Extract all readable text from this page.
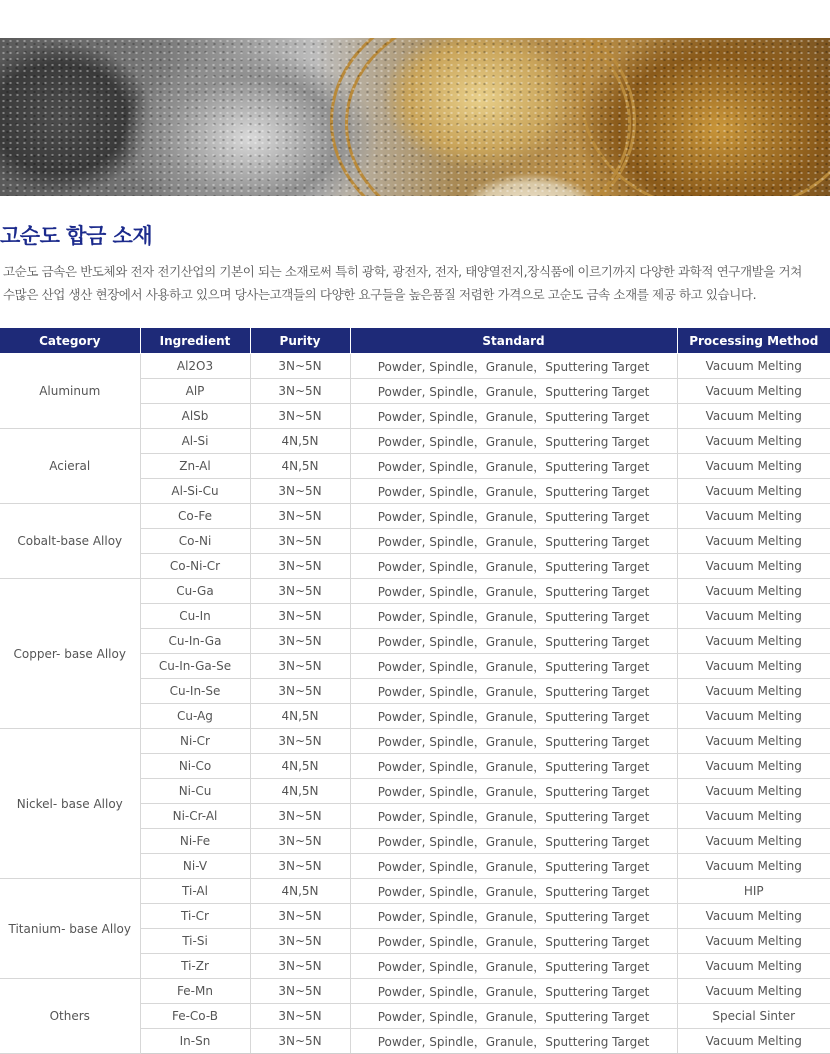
고순도 합금 소재

고순도 금속은 반도체와 전자 전기산업의 기본이 되는 소재로써 특히 광학, 광전자, 전자, 태양열전지,장식품에 이르기까지 다양한 과학적 연구개발을 거쳐
수많은 산업 생산 현장에서 사용하고 있으며 당사는고객들의 다양한 요구들을 높은품질 저렴한 가격으로 고순도 금속 소재를 제공 하고 있습니다.

Category	Ingredient	Purity	Standard	Processing Method
Aluminum	Al2O3	3N~5N	Powder, Spindle，Granule，Sputtering Target	Vacuum Melting
	AlP	3N~5N	Powder, Spindle，Granule，Sputtering Target	Vacuum Melting
	AlSb	3N~5N	Powder, Spindle，Granule，Sputtering Target	Vacuum Melting
Acieral	Al-Si	4N,5N	Powder, Spindle，Granule，Sputtering Target	Vacuum Melting
	Zn-Al	4N,5N	Powder, Spindle，Granule，Sputtering Target	Vacuum Melting
	Al-Si-Cu	3N~5N	Powder, Spindle，Granule，Sputtering Target	Vacuum Melting
Cobalt-base Alloy	Co-Fe	3N~5N	Powder, Spindle，Granule，Sputtering Target	Vacuum Melting
	Co-Ni	3N~5N	Powder, Spindle，Granule，Sputtering Target	Vacuum Melting
	Co-Ni-Cr	3N~5N	Powder, Spindle，Granule，Sputtering Target	Vacuum Melting
Copper- base Alloy	Cu-Ga	3N~5N	Powder, Spindle，Granule，Sputtering Target	Vacuum Melting
	Cu-In	3N~5N	Powder, Spindle，Granule，Sputtering Target	Vacuum Melting
	Cu-In-Ga	3N~5N	Powder, Spindle，Granule，Sputtering Target	Vacuum Melting
	Cu-In-Ga-Se	3N~5N	Powder, Spindle，Granule，Sputtering Target	Vacuum Melting
	Cu-In-Se	3N~5N	Powder, Spindle，Granule，Sputtering Target	Vacuum Melting
	Cu-Ag	4N,5N	Powder, Spindle，Granule，Sputtering Target	Vacuum Melting
Nickel- base Alloy	Ni-Cr	3N~5N	Powder, Spindle，Granule，Sputtering Target	Vacuum Melting
	Ni-Co	4N,5N	Powder, Spindle，Granule，Sputtering Target	Vacuum Melting
	Ni-Cu	4N,5N	Powder, Spindle，Granule，Sputtering Target	Vacuum Melting
	Ni-Cr-Al	3N~5N	Powder, Spindle，Granule，Sputtering Target	Vacuum Melting
	Ni-Fe	3N~5N	Powder, Spindle，Granule，Sputtering Target	Vacuum Melting
	Ni-V	3N~5N	Powder, Spindle，Granule，Sputtering Target	Vacuum Melting
Titanium- base Alloy	Ti-Al	4N,5N	Powder, Spindle，Granule，Sputtering Target	HIP
	Ti-Cr	3N~5N	Powder, Spindle，Granule，Sputtering Target	Vacuum Melting
	Ti-Si	3N~5N	Powder, Spindle，Granule，Sputtering Target	Vacuum Melting
	Ti-Zr	3N~5N	Powder, Spindle，Granule，Sputtering Target	Vacuum Melting
Others	Fe-Mn	3N~5N	Powder, Spindle，Granule，Sputtering Target	Vacuum Melting
	Fe-Co-B	3N~5N	Powder, Spindle，Granule，Sputtering Target	Special Sinter
	In-Sn	3N~5N	Powder, Spindle，Granule，Sputtering Target	Vacuum Melting
